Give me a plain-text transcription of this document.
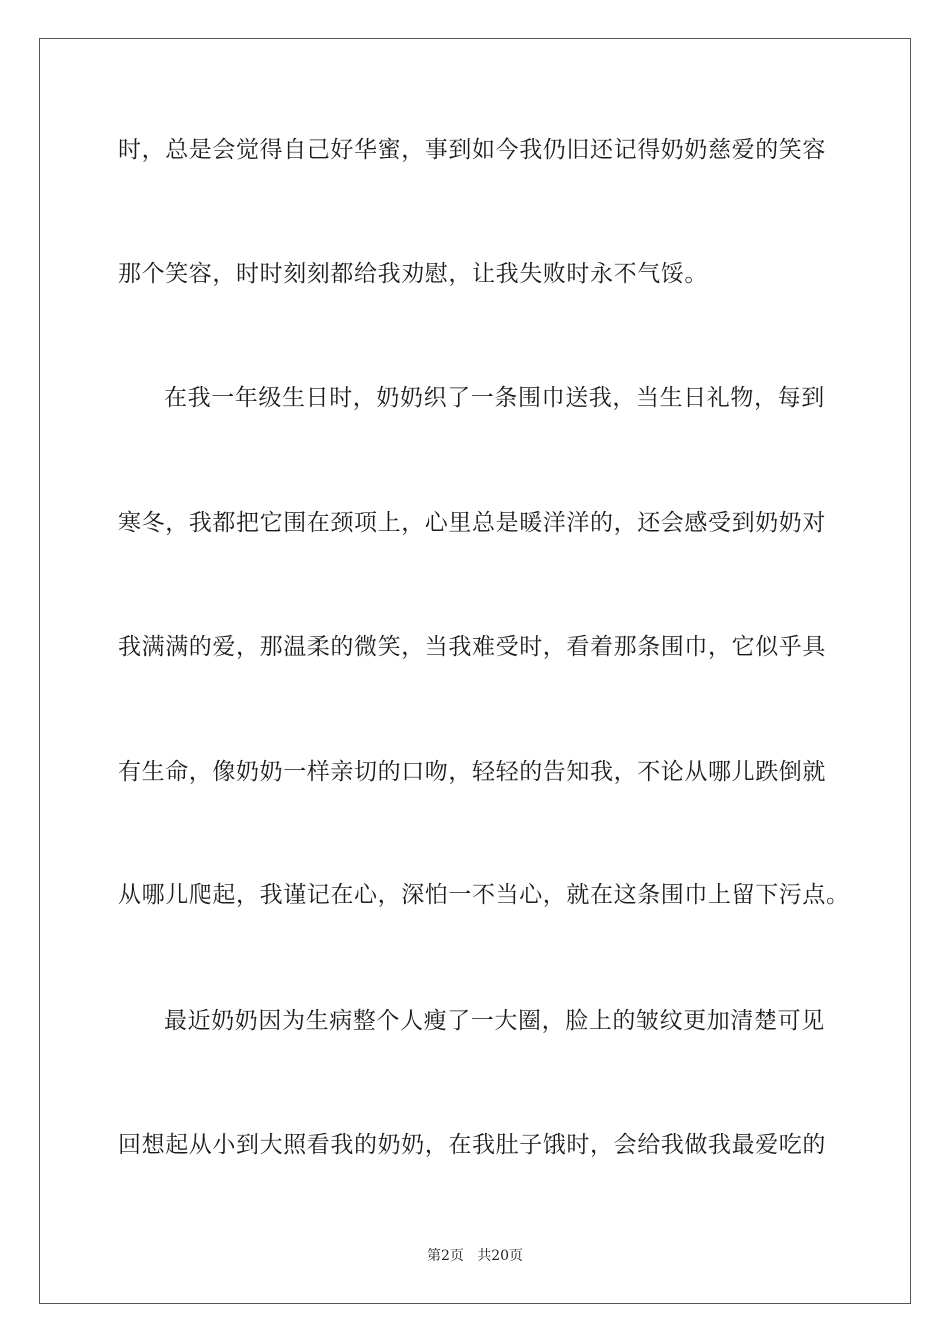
时，总是会觉得自己好华蜜，事到如今我仍旧还记得奶奶慈爱的笑容
那个笑容，时时刻刻都给我劝慰，让我失败时永不气馁。
在我一年级生日时，奶奶织了一条围巾送我，当生日礼物，每到
寒冬，我都把它围在颈项上，心里总是暖洋洋的，还会感受到奶奶对
我满满的爱，那温柔的微笑，当我难受时，看着那条围巾，它似乎具
有生命，像奶奶一样亲切的口吻，轻轻的告知我，不论从哪儿跌倒就
从哪儿爬起，我谨记在心，深怕一不当心，就在这条围巾上留下污点。
最近奶奶因为生病整个人瘦了一大圈，脸上的皱纹更加清楚可见
回想起从小到大照看我的奶奶，在我肚子饿时，会给我做我最爱吃的
第2页   共20页
